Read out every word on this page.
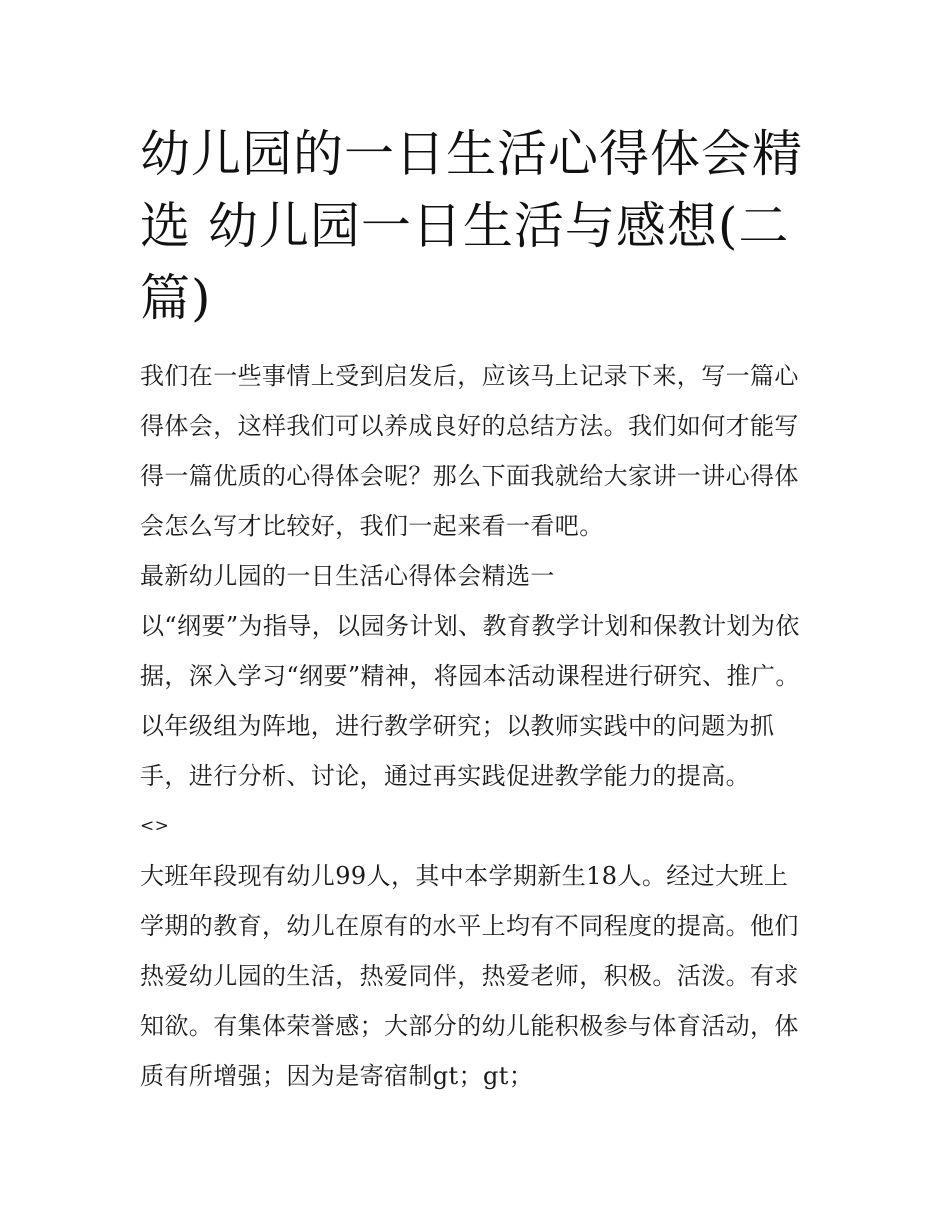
幼儿园的一日生活心得体会精选 幼儿园一日生活与感想(二篇)

我们在一些事情上受到启发后，应该马上记录下来，写一篇心得体会，这样我们可以养成良好的总结方法。我们如何才能写得一篇优质的心得体会呢？那么下面我就给大家讲一讲心得体会怎么写才比较好，我们一起来看一看吧。

最新幼儿园的一日生活心得体会精选一

以“纲要”为指导，以园务计划、教育教学计划和保教计划为依据，深入学习“纲要”精神，将园本活动课程进行研究、推广。以年级组为阵地，进行教学研究；以教师实践中的问题为抓手，进行分析、讨论，通过再实践促进教学能力的提高。

<>

大班年段现有幼儿99人，其中本学期新生18人。经过大班上学期的教育，幼儿在原有的水平上均有不同程度的提高。他们热爱幼儿园的生活，热爱同伴，热爱老师，积极。活泼。有求知欲。有集体荣誉感；大部分的幼儿能积极参与体育活动，体质有所增强；因为是寄宿制gt；gt；
